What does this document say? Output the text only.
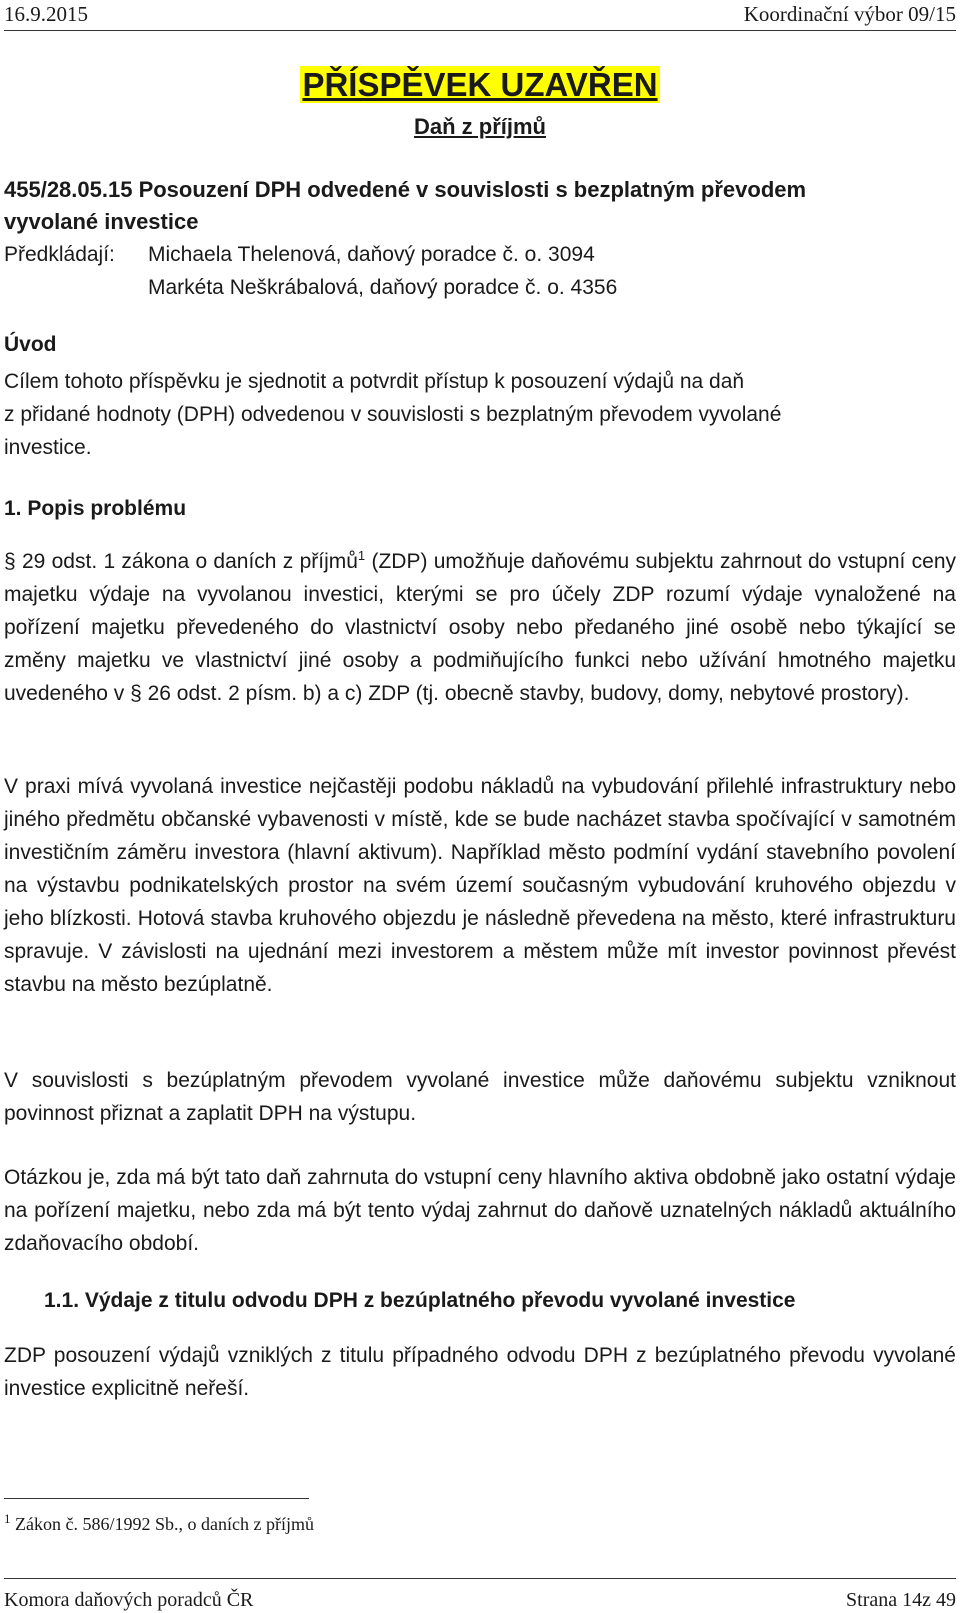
16.9.2015	Koordinační výbor 09/15
PŘÍSPĚVEK UZAVŘEN
Daň z příjmů
455/28.05.15 Posouzení DPH odvedené v souvislosti s bezplatným převodem
vyvolané investice
Předkládají: Michaela Thelenová, daňový poradce č. o. 3094
Markéta Neškrábalová, daňový poradce č. o. 4356
Úvod
Cílem tohoto příspěvku je sjednotit a potvrdit přístup k posouzení výdajů na daň
z přidané hodnoty (DPH) odvedenou v souvislosti s bezplatným převodem vyvolané
investice.
1. Popis problému
§ 29 odst. 1 zákona o daních z příjmů$^1$ (ZDP) umožňuje daňovému subjektu zahrnout do vstupní ceny majetku výdaje na vyvolanou investici, kterými se pro účely ZDP rozumí výdaje vynaložené na pořízení majetku převedeného do vlastnictví osoby nebo předaného jiné osobě nebo týkající se změny majetku ve vlastnictví jiné osoby a podmiňujícího funkci nebo užívání hmotného majetku uvedeného v § 26 odst. 2 písm. b) a c) ZDP (tj. obecně stavby, budovy, domy, nebytové prostory).
V praxi mívá vyvolaná investice nejčastěji podobu nákladů na vybudování přilehlé infrastruktury nebo jiného předmětu občanské vybavenosti v místě, kde se bude nacházet stavba spočívající v samotném investičním záměru investora (hlavní aktivum). Například město podmíní vydání stavebního povolení na výstavbu podnikatelských prostor na svém území současným vybudování kruhového objezdu v jeho blízkosti. Hotová stavba kruhového objezdu je následně převedena na město, které infrastrukturu spravuje. V závislosti na ujednání mezi investorem a městem může mít investor povinnost převést stavbu na město bezúplatně.
V souvislosti s bezúplatným převodem vyvolané investice může daňovému subjektu vzniknout povinnost přiznat a zaplatit DPH na výstupu.
Otázkou je, zda má být tato daň zahrnuta do vstupní ceny hlavního aktiva obdobně jako ostatní výdaje na pořízení majetku, nebo zda má být tento výdaj zahrnut do daňově uznatelných nákladů aktuálního zdaňovacího období.
1.1. Výdaje z titulu odvodu DPH z bezúplatného převodu vyvolané investice
ZDP posouzení výdajů vzniklých z titulu případného odvodu DPH z bezúplatného převodu vyvolané investice explicitně neřeší.
$^1$ Zákon č. 586/1992 Sb., o daních z příjmů
Komora daňových poradců ČR	Strana 14z 49
